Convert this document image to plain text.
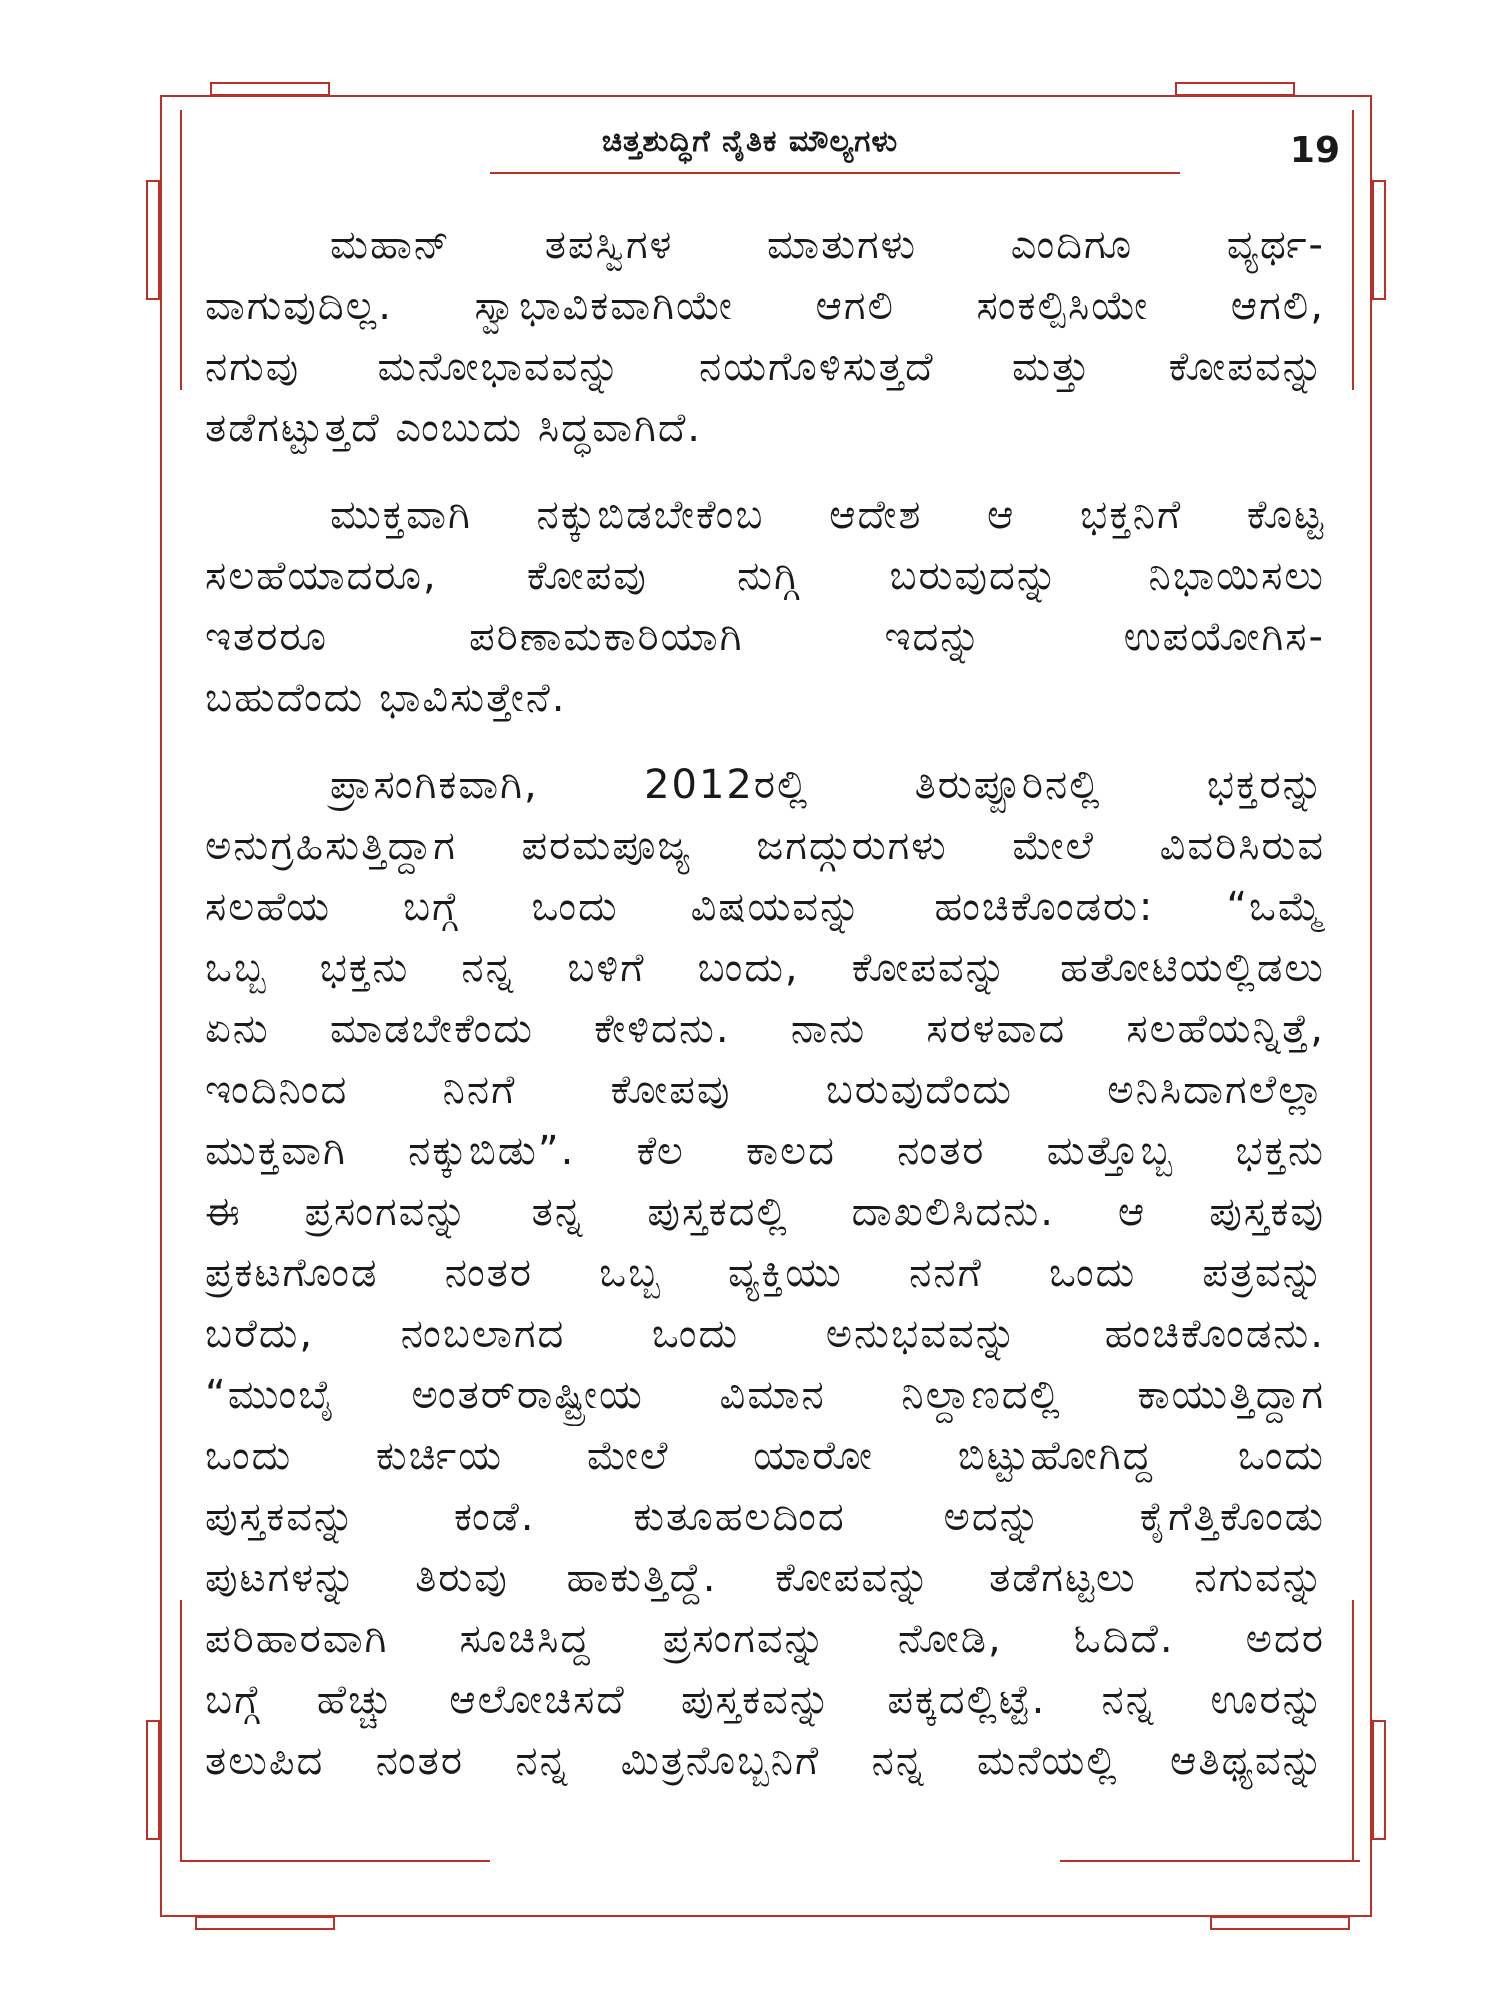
ಚಿತ್ತಶುದ್ಧಿಗೆ ನೈತಿಕ ಮೌಲ್ಯಗಳು	19
ಮಹಾನ್ ತಪಸ್ವಿಗಳ ಮಾತುಗಳು ಎಂದಿಗೂ ವ್ಯರ್ಥ-
ವಾಗುವುದಿಲ್ಲ. ಸ್ವಾಭಾವಿಕವಾಗಿಯೇ ಆಗಲಿ ಸಂಕಲ್ಪಿಸಿಯೇ ಆಗಲಿ,
ನಗುವು ಮನೋಭಾವವನ್ನು ನಯಗೊಳಿಸುತ್ತದೆ ಮತ್ತು ಕೋಪವನ್ನು
ತಡೆಗಟ್ಟುತ್ತದೆ ಎಂಬುದು ಸಿದ್ಧವಾಗಿದೆ.
ಮುಕ್ತವಾಗಿ ನಕ್ಕುಬಿಡಬೇಕೆಂಬ ಆದೇಶ ಆ ಭಕ್ತನಿಗೆ ಕೊಟ್ಟ
ಸಲಹೆಯಾದರೂ, ಕೋಪವು ನುಗ್ಗಿ ಬರುವುದನ್ನು ನಿಭಾಯಿಸಲು
ಇತರರೂ ಪರಿಣಾಮಕಾರಿಯಾಗಿ ಇದನ್ನು ಉಪಯೋಗಿಸ-
ಬಹುದೆಂದು ಭಾವಿಸುತ್ತೇನೆ.
ಪ್ರಾಸಂಗಿಕವಾಗಿ, 2012ರಲ್ಲಿ ತಿರುಪ್ಪೂರಿನಲ್ಲಿ ಭಕ್ತರನ್ನು
ಅನುಗ್ರಹಿಸುತ್ತಿದ್ದಾಗ ಪರಮಪೂಜ್ಯ ಜಗದ್ಗುರುಗಳು ಮೇಲೆ ವಿವರಿಸಿರುವ
ಸಲಹೆಯ ಬಗ್ಗೆ ಒಂದು ವಿಷಯವನ್ನು ಹಂಚಿಕೊಂಡರು: “ಒಮ್ಮೆ
ಒಬ್ಬ ಭಕ್ತನು ನನ್ನ ಬಳಿಗೆ ಬಂದು, ಕೋಪವನ್ನು ಹತೋಟಿಯಲ್ಲಿಡಲು
ಏನು ಮಾಡಬೇಕೆಂದು ಕೇಳಿದನು. ನಾನು ಸರಳವಾದ ಸಲಹೆಯನ್ನಿತ್ತೆ,
ಇಂದಿನಿಂದ ನಿನಗೆ ಕೋಪವು ಬರುವುದೆಂದು ಅನಿಸಿದಾಗಲೆಲ್ಲಾ
ಮುಕ್ತವಾಗಿ ನಕ್ಕುಬಿಡು”. ಕೆಲ ಕಾಲದ ನಂತರ ಮತ್ತೊಬ್ಬ ಭಕ್ತನು
ಈ ಪ್ರಸಂಗವನ್ನು ತನ್ನ ಪುಸ್ತಕದಲ್ಲಿ ದಾಖಲಿಸಿದನು. ಆ ಪುಸ್ತಕವು
ಪ್ರಕಟಗೊಂಡ ನಂತರ ಒಬ್ಬ ವ್ಯಕ್ತಿಯು ನನಗೆ ಒಂದು ಪತ್ರವನ್ನು
ಬರೆದು, ನಂಬಲಾಗದ ಒಂದು ಅನುಭವವನ್ನು ಹಂಚಿಕೊಂಡನು.
“ಮುಂಬೈ ಅಂತರ್‌ರಾಷ್ಟ್ರೀಯ ವಿಮಾನ ನಿಲ್ದಾಣದಲ್ಲಿ ಕಾಯುತ್ತಿದ್ದಾಗ
ಒಂದು ಕುರ್ಚಿಯ ಮೇಲೆ ಯಾರೋ ಬಿಟ್ಟುಹೋಗಿದ್ದ ಒಂದು
ಪುಸ್ತಕವನ್ನು ಕಂಡೆ. ಕುತೂಹಲದಿಂದ ಅದನ್ನು ಕೈಗೆತ್ತಿಕೊಂಡು
ಪುಟಗಳನ್ನು ತಿರುವು ಹಾಕುತ್ತಿದ್ದೆ. ಕೋಪವನ್ನು ತಡೆಗಟ್ಟಲು ನಗುವನ್ನು
ಪರಿಹಾರವಾಗಿ ಸೂಚಿಸಿದ್ದ ಪ್ರಸಂಗವನ್ನು ನೋಡಿ, ಓದಿದೆ. ಅದರ
ಬಗ್ಗೆ ಹೆಚ್ಚು ಆಲೋಚಿಸದೆ ಪುಸ್ತಕವನ್ನು ಪಕ್ಕದಲ್ಲಿಟ್ಟೆ. ನನ್ನ ಊರನ್ನು
ತಲುಪಿದ ನಂತರ ನನ್ನ ಮಿತ್ರನೊಬ್ಬನಿಗೆ ನನ್ನ ಮನೆಯಲ್ಲಿ ಆತಿಥ್ಯವನ್ನು
